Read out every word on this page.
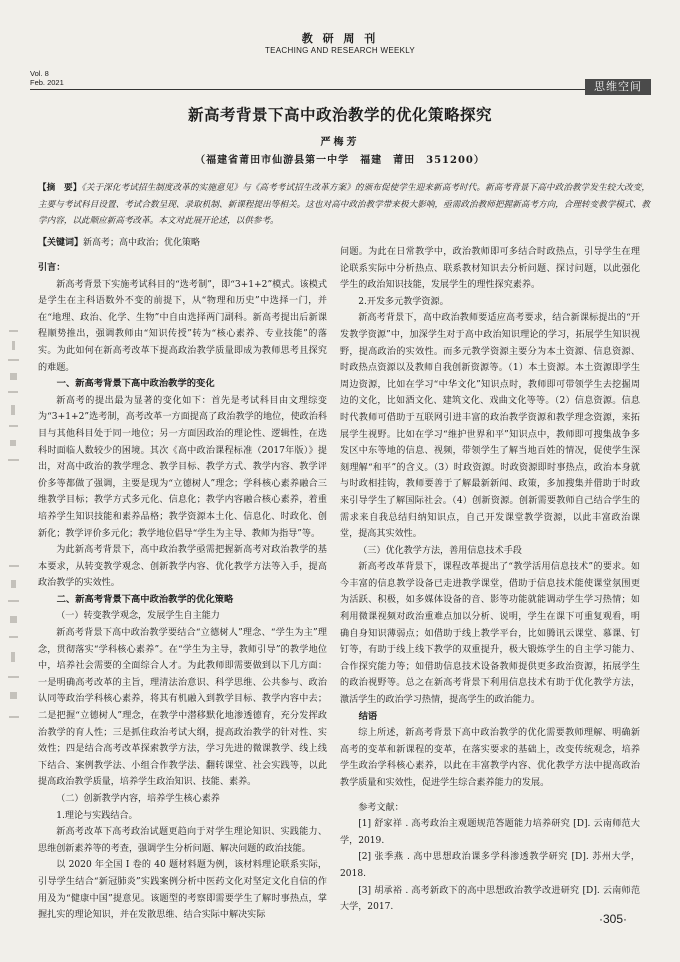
教 研 周 刊
TEACHING AND RESEARCH WEEKLY
Vol. 8
Feb. 2021	思维空间
新高考背景下高中政治教学的优化策略探究
严梅芳
（福建省莆田市仙游县第一中学　福建　莆田　351200）
【摘　要】《关于深化考试招生制度改革的实施意见》与《高考考试招生改革方案》的颁布促使学生迎来新高考时代。新高考背景下高中政治教学发生较大改变，主要与考试科目设置、考试合数呈现、录取机制、新课程提出等相关。这也对高中政治教学带来极大影响，亟需政治教师把握新高考方向，合理转变教学模式、教学内容，以此顺应新高考改革。本文对此展开论述，以供参考。
【关键词】新高考；高中政治；优化策略
引言：

新高考背景下实施考试科目的“选考制”，即“3+1+2”模式。该模式是学生在主科语数外不变的前提下，从“物理和历史”中选择一门，并在“地理、政治、化学、生物”中自由选择两门副科。新高考提出后新课程顺势推出，强调教师由“知识传授”转为“核心素养、专业技能”的落实。为此如何在新高考改革下提高政治教学质量即成为教师思考且探究的难题。

一、新高考背景下高中政治教学的变化

新高考的提出最为显著的变化如下：首先是考试科目由文理综变为“3+1+2”选考制，高考改革一方面提高了政治教学的地位，使政治科目与其他科目处于同一地位；另一方面因政治的理论性、逻辑性，在选科时面临人数较少的困境。其次《高中政治课程标准（2017年版）》提出，对高中政治的教学理念、教学目标、教学方式、教学内容、教学评价多等都做了强调，主要是现为“立德树人”理念；学科核心素养融合三维教学目标；教学方式多元化、信息化；教学内容融合核心素养，着重培养学生知识技能和素养品格；教学资源本土化、信息化、时政化、创新化；教学评价多元化；教学地位倡导“学生为主导、教师为指导”等。

为此新高考背景下，高中政治教学亟需把握新高考对政治教学的基本要求，从转变教学观念、创新教学内容、优化教学方法等入手，提高政治教学的实效性。

二、新高考背景下高中政治教学的优化策略
（一）转变教学观念，发展学生自主能力

新高考背景下高中政治教学要结合“立德树人”理念、“学生为主”理念，贯彻落实“学科核心素养”。在“学生为主导，教师引导”的教学地位中，培养社会需要的全面综合人才。为此教师即需要做到以下几方面：一是明确高考改革的主旨，理清法治意识、科学思维、公共参与、政治认同等政治学科核心素养，将其有机融入到教学目标、教学内容中去；二是把握“立德树人”理念，在教学中潜移默化地渗透德育，充分发挥政治教学的育人性；三是抓住政治考试大纲，提高政治教学的针对性、实效性；四是结合高考改革探索教学方法，学习先进的微课教学、线上线下结合、案例教学法、小组合作教学法、翻转课堂、社会实践等，以此提高政治教学质量，培养学生政治知识、技能、素养。

（二）创新教学内容，培养学生核心素养
1.理论与实践结合。

新高考改革下高考政治试题更趋向于对学生理论知识、实践能力、思维创新素养等的考查，强调学生分析问题、解决问题的政治技能。

以 2020 年全国 I 卷的 40 题材料题为例，该材料理论联系实际，引导学生结合“新冠肺炎”实践案例分析中医药文化对坚定文化自信的作用及为“健康中国”提意见。该题型的考察即需要学生了解时事热点，掌握扎实的理论知识，并在发散思维、结合实际中解决实际

问题。为此在日常教学中，政治教师即可多结合时政热点，引导学生在理论联系实际中分析热点、联系教材知识去分析问题、探讨问题，以此强化学生的政治知识技能，发展学生的理性探究素养。

2.开发多元教学资源。

新高考背景下，高中政治教师要适应高考要求，结合新课标提出的“开发教学资源”中，加深学生对于高中政治知识理论的学习，拓展学生知识视野，提高政治的实效性。而多元教学资源主要分为本土资源、信息资源、时政热点资源以及教师自我创新资源等。（1）本土资源。本土资源即学生周边资源，比如在学习“中华文化”知识点时，教师即可带领学生去挖掘周边的文化，比如酒文化、建筑文化、戏曲文化等等。（2）信息资源。信息时代教师可借助于互联网引进丰富的政治教学资源和教学理念资源，来拓展学生视野。比如在学习“维护世界和平”知识点中，教师即可搜集战争多发区中东等地的信息、视频，带领学生了解当地百姓的情况，促使学生深刻理解“和平”的含义。（3）时政资源。时政资源即时事热点，政治本身就与时政相挂钩，教师要善于了解最新新闻、政策，多加搜集并借助于时政来引导学生了解国际社会。（4）创新资源。创新需要教师自己结合学生的需求来自我总结归纳知识点，自己开发课堂教学资源，以此丰富政治课堂，提高其实效性。

（三）优化教学方法，善用信息技术手段

新高考改革背景下，课程改革提出了“教学活用信息技术”的要求。如今丰富的信息教学设备已走进教学课堂，借助于信息技术能使课堂氛围更为活跃、积极，如多媒体设备的音、影等功能就能调动学生学习热情；如利用微课视频对政治重难点加以分析、说明，学生在课下可重复观看，明确自身知识薄弱点；如借助于线上教学平台，比如腾讯云课堂、慕课、钉钉等，有助于线上线下教学的双重提升，极大锻炼学生的自主学习能力、合作探究能力等；如借助信息技术设备教师提供更多政治资源，拓展学生的政治视野等。总之在新高考背景下利用信息技术有助于优化教学方法，激活学生的政治学习热情，提高学生的政治能力。

结语

综上所述，新高考背景下高中政治教学的优化需要教师理解、明确新高考的变革和新课程的变革，在落实要求的基础上，改变传统观念，培养学生政治学科核心素养，以此在丰富教学内容、优化教学方法中提高政治教学质量和实效性，促进学生综合素养能力的发展。

参考文献：

[1] 舒家祥 . 高考政治主观题规范答题能力培养研究 [D]. 云南师范大学，2019.

[2] 张季燕 . 高中思想政治课多学科渗透教学研究 [D]. 苏州大学，2018.

[3] 胡承裕 . 高考新政下的高中思想政治教学改进研究 [D]. 云南师范大学，2017.

·305·
